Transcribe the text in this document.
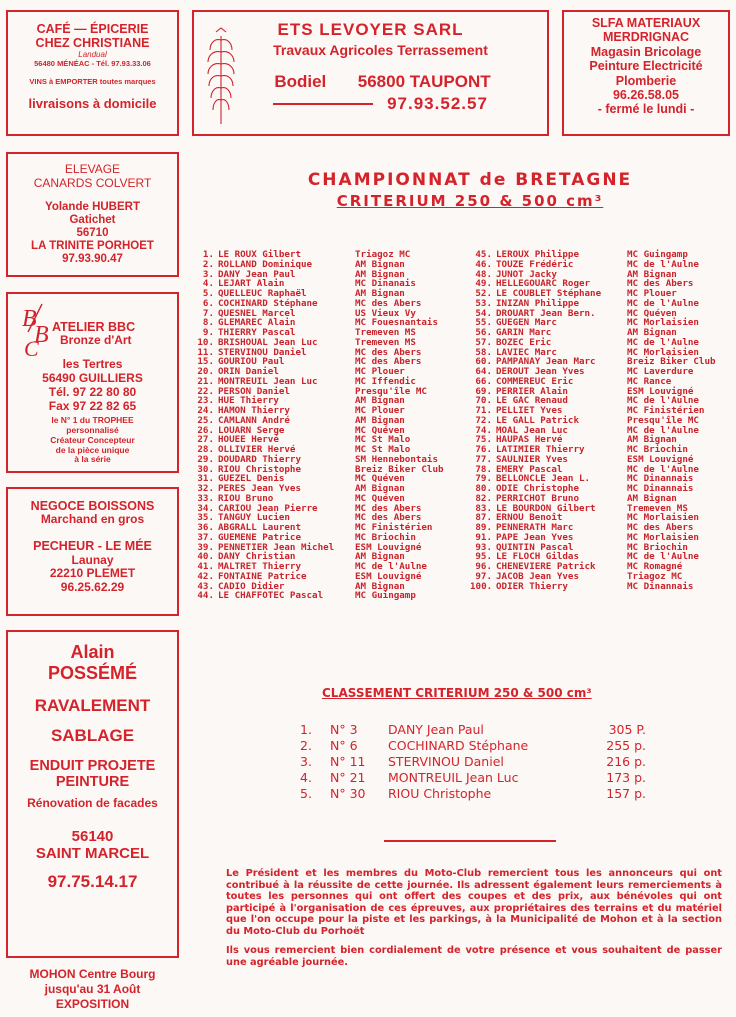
CAFÉ — ÉPICERIE
CHEZ CHRISTIANE
Landual
56480 MÉNÉAC - Tél. 97.93.33.06
VINS à EMPORTER toutes marques
livraisons à domicile
ELEVAGE
CANARDS COLVERT
Yolande HUBERT
Gatichet
56710
LA TRINITE PORHOET
97.93.90.47
B
B
C
ATELIER BBC
Bronze d'Art
les Tertres
56490 GUILLIERS
Tél. 97 22 80 80
Fax 97 22 82 65
le N° 1 du TROPHEE
personnalisé
Créateur Concepteur
de la pièce unique
à la série
NEGOCE BOISSONS
Marchand en gros
PECHEUR - LE MÉE
Launay
22210 PLEMET
96.25.62.29
Alain
POSSÉMÉ
RAVALEMENT
SABLAGE
ENDUIT PROJETE
PEINTURE
Rénovation de facades
56140
SAINT MARCEL
97.75.14.17
ETS LEVOYER SARL
Travaux Agricoles Terrassement
Bodiel 56800 TAUPONT
97.93.52.57
SLFA MATERIAUX
MERDRIGNAC
Magasin Bricolage
Peinture Electricité
Plomberie
96.26.58.05
- fermé le lundi -
CHAMPIONNAT de BRETAGNE
CRITERIUM 250 & 500 cm³
1. LE ROUX Gilbert	Triagoz MC
2. ROLLAND Dominique	AM Bignan
3. DANY Jean Paul	AM Bignan
4. LEJART Alain	MC Dinanais
5. QUELLEUC Raphaël	AM Bignan
6. COCHINARD Stéphane	MC des Abers
7. QUESNEL Marcel	US Vieux Vy
8. GLEMAREC Alain	MC Fouesnantais
9. THIERRY Pascal	Tremeven MS
10. BRISHOUAL Jean Luc	Tremeven MS
11. STERVINOU Daniel	MC des Abers
15. GOURIOU Paul	MC des Abers
20. ORIN Daniel	MC Plouer
21. MONTREUIL Jean Luc	MC Iffendic
22. PERSON Daniel	Presqu'île MC
23. HUE Thierry	AM Bignan
24. HAMON Thierry	MC Plouer
25. CAMLANN André	AM Bignan
26. LOUARN Serge	MC Quéven
27. HOUEE Hervé	MC St Malo
28. OLLIVIER Hervé	MC St Malo
29. DOUDARD Thierry	SM Hennebontais
30. RIOU Christophe	Breiz Biker Club
31. GUEZEL Denis	MC Quéven
32. PERES Jean Yves	AM Bignan
33. RIOU Bruno	MC Quéven
34. CARIOU Jean Pierre	MC des Abers
35. TANGUY Lucien	MC des Abers
36. ABGRALL Laurent	MC Finistérien
37. GUEMENE Patrice	MC Briochin
39. PENNETIER Jean Michel	ESM Louvigné
40. DANY Christian	AM Bignan
41. MALTRET Thierry	MC de l'Aulne
42. FONTAINE Patrice	ESM Louvigné
43. CADIO Didier	AM Bignan
44. LE CHAFFOTEC Pascal	MC Guingamp
45. LEROUX Philippe	MC Guingamp
46. TOUZE Frédéric	MC de l'Aulne
48. JUNOT Jacky	AM Bignan
49. HELLEGOUARC Roger	MC des Abers
52. LE COUBLET Stéphane	MC Plouer
53. INIZAN Philippe	MC de l'Aulne
54. DROUART Jean Bern.	MC Quéven
55. GUEGEN Marc	MC Morlaisien
56. GARIN Marc	AM Bignan
57. BOZEC Eric	MC de l'Aulne
58. LAVIEC Marc	MC Morlaisien
60. PAMPANAY Jean Marc	Breiz Biker Club
64. DEROUT Jean Yves	MC Laverdure
66. COMMEREUC Eric	MC Rance
69. PERRIER Alain	ESM Louvigné
70. LE GAC Renaud	MC de l'Aulne
71. PELLIET Yves	MC Finistérien
72. LE GALL Patrick	Presqu'île MC
74. MOAL Jean Luc	MC de l'Aulne
75. HAUPAS Hervé	AM Bignan
76. LATIMIER Thierry	MC Briochin
77. SAULNIER Yves	ESM Louvigné
78. EMERY Pascal	MC de l'Aulne
79. BELLONCLE Jean L.	MC Dinannais
80. ODIE Christophe	MC Dinannais
82. PERRICHOT Bruno	AM Bignan
83. LE BOURDON Gilbert	Tremeven MS
87. ERNOU Benoît	MC Morlaisien
89. PENNERATH Marc	MC des Abers
91. PAPE Jean Yves	MC Morlaisien
93. QUINTIN Pascal	MC Briochin
95. LE FLOCH Gildas	MC de l'Aulne
96. CHENEVIERE Patrick	MC Romagné
97. JACOB Jean Yves	Triagoz MC
100. ODIER Thierry	MC Dinannais
CLASSEMENT CRITERIUM 250 & 500 cm³
1.	N° 3	DANY Jean Paul	305 P.
2.	N° 6	COCHINARD Stéphane	255 p.
3.	N° 11	STERVINOU Daniel	216 p.
4.	N° 21	MONTREUIL Jean Luc	173 p.
5.	N° 30	RIOU Christophe	157 p.

Le Président et les membres du Moto-Club remercient tous les annonceurs qui ont contribué à la réussite de cette journée. Ils adressent également leurs remerciements à toutes les personnes qui ont offert des coupes et des prix, aux bénévoles qui ont participé à l'organisation de ces épreuves, aux propriétaires des terrains et du matériel que l'on occupe pour la piste et les parkings, à la Municipalité de Mohon et à la section du Moto-Club du Porhoët

Ils vous remercient bien cordialement de votre présence et vous souhaitent de passer une agréable journée.

MOHON Centre Bourg
jusqu'au 31 Août
EXPOSITION
